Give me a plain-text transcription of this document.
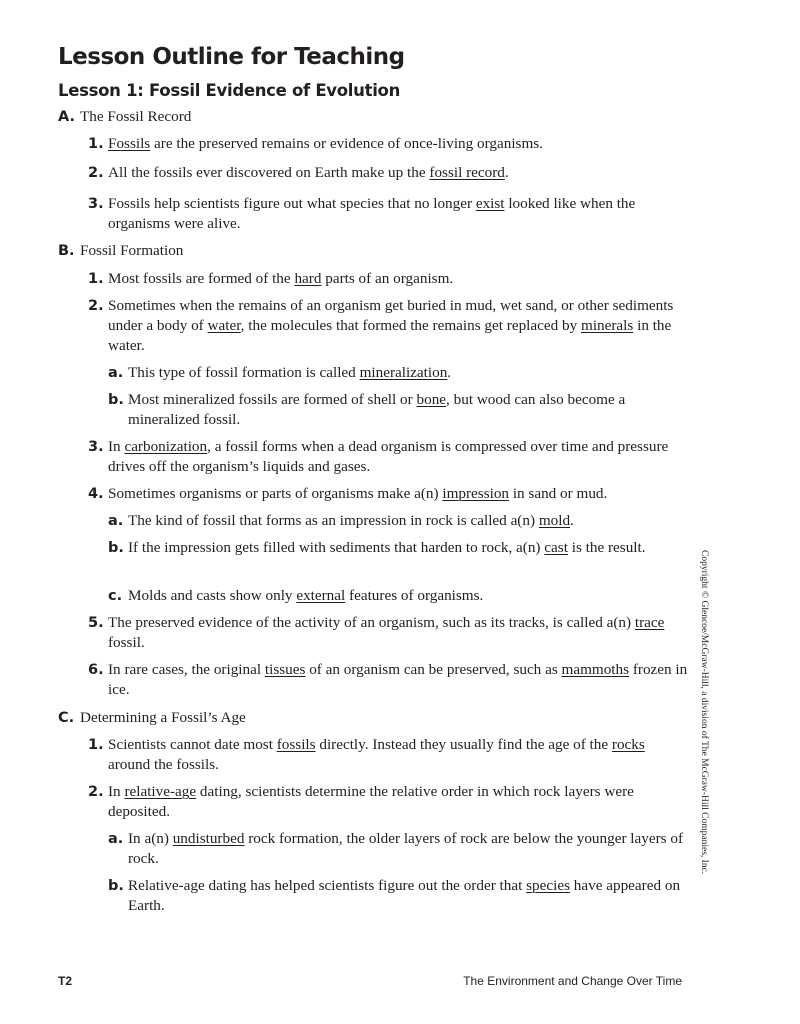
Lesson Outline for Teaching
Lesson 1: Fossil Evidence of Evolution
A. The Fossil Record
1. Fossils are the preserved remains or evidence of once-living organisms.
2. All the fossils ever discovered on Earth make up the fossil record.
3. Fossils help scientists figure out what species that no longer exist looked like when the organisms were alive.
B. Fossil Formation
1. Most fossils are formed of the hard parts of an organism.
2. Sometimes when the remains of an organism get buried in mud, wet sand, or other sediments under a body of water, the molecules that formed the remains get replaced by minerals in the water.
a. This type of fossil formation is called mineralization.
b. Most mineralized fossils are formed of shell or bone, but wood can also become a mineralized fossil.
3. In carbonization, a fossil forms when a dead organism is compressed over time and pressure drives off the organism’s liquids and gases.
4. Sometimes organisms or parts of organisms make a(n) impression in sand or mud.
a. The kind of fossil that forms as an impression in rock is called a(n) mold.
b. If the impression gets filled with sediments that harden to rock, a(n) cast is the result.
c. Molds and casts show only external features of organisms.
5. The preserved evidence of the activity of an organism, such as its tracks, is called a(n) trace fossil.
6. In rare cases, the original tissues of an organism can be preserved, such as mammoths frozen in ice.
C. Determining a Fossil’s Age
1. Scientists cannot date most fossils directly. Instead they usually find the age of the rocks around the fossils.
2. In relative-age dating, scientists determine the relative order in which rock layers were deposited.
a. In a(n) undisturbed rock formation, the older layers of rock are below the younger layers of rock.
b. Relative-age dating has helped scientists figure out the order that species have appeared on Earth.
Copyright © Glencoe/McGraw-Hill, a division of The McGraw-Hill Companies, Inc.
T2	The Environment and Change Over Time
